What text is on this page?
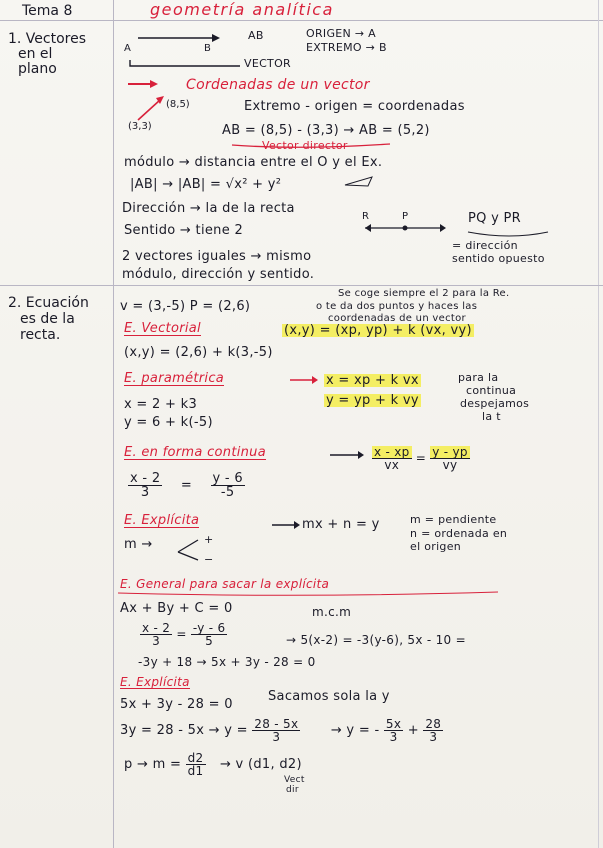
Tema 8	geometría analítica
1. Vectores
en el
plano
A	B
AB	ORIGEN → A
EXTREMO → B
VECTOR
Cordenadas de un vector
(8,5)
(3,3)
Extremo - origen = coordenadas
AB = (8,5) - (3,3) → AB = (5,2)
Vector director
módulo → distancia entre el O y el Ex.
|AB| → |AB| = √x² + y²
Dirección → la de la recta
Sentido → tiene 2
R	P	PQ y PR
= dirección
sentido opuesto
2 vectores iguales → mismo
módulo, dirección y sentido.
2. Ecuación
es de la
recta.
Se coge siempre el 2 para la Re.
v = (3,-5) P = (2,6)	o te da dos puntos y haces las
coordenadas de un vector
E. Vectorial	(x,y) = (xp, yp) + k (vx, vy)
(x,y) = (2,6) + k(3,-5)
E. paramétrica	x = xp + k vx
y = yp + k vy
para la
continua
despejamos
la t
x = 2 + k3
y = 6 + k(-5)
E. en forma continua	$\frac{x - xp}{vx} = \frac{y - yp}{vy}$
$\frac{x - 2}{3} = \frac{y - 6}{-5}$
E. Explícita	mx + n = y	m = pendiente
n = ordenada en
el origen
m →	+
−
E. General para sacar la explícita
Ax + By + C = 0	m.c.m
$\frac{x - 2}{3} = \frac{-y - 6}{5}$	→ 5(x-2) = -3(y-6), 5x - 10 =
-3y + 18 → 5x + 3y - 28 = 0
E. Explícita
Sacamos sola la y
5x + 3y - 28 = 0
$3y = 28 - 5x \to y = \frac{28 - 5x}{3} \to y$ = - $\frac{5x}{3} + \frac{28}{3}$
$p \to m = \frac{d2}{d1} \to v$ (d1, d2)
Vect
dir
